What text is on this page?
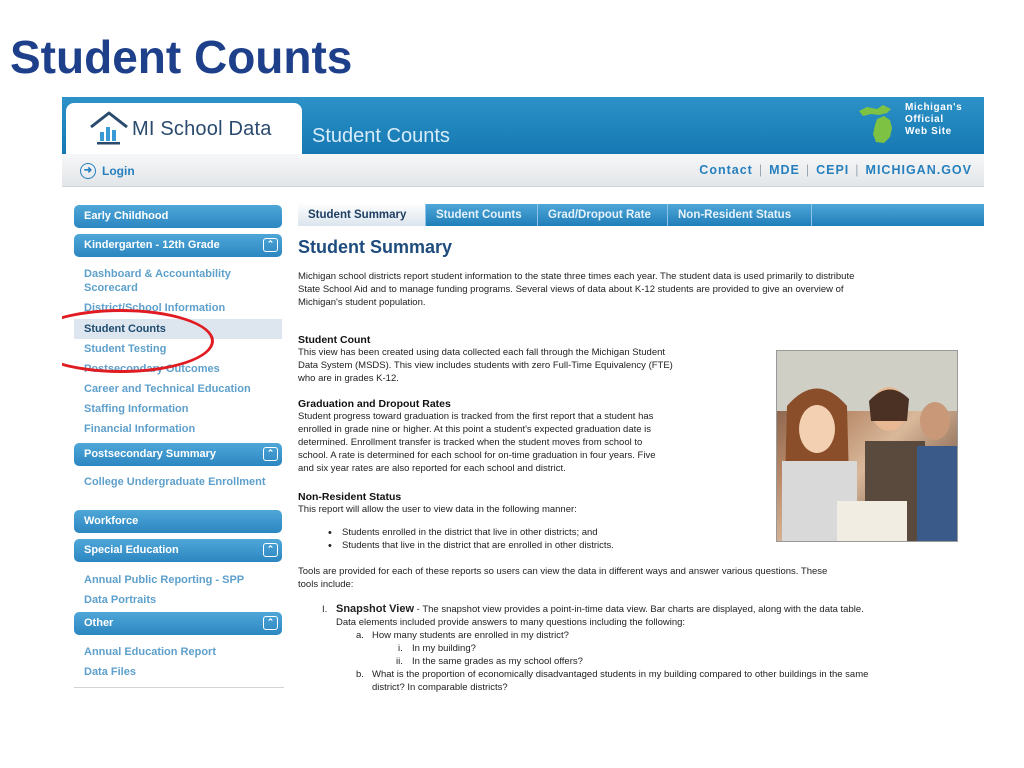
Student Counts
MI School Data Student Counts
Michigan's
Official
Web Site
➜ Login	Contact | MDE | CEPI | MICHIGAN.GOV
Early Childhood
Kindergarten - 12th Grade	⌃
Dashboard & Accountability Scorecard
District/School Information
Student Counts
Student Testing
Postsecondary Outcomes
Career and Technical Education
Staffing Information
Financial Information
Postsecondary Summary	⌃
College Undergraduate Enrollment
Workforce
Special Education	⌃
Annual Public Reporting - SPP
Data Portraits
Other	⌃
Annual Education Report
Data Files
Student Summary	Student Counts	Grad/Dropout Rate	Non-Resident Status
Student Summary
Michigan school districts report student information to the state three times each year. The student data is used primarily to distribute
State School Aid and to manage funding programs. Several views of data about K-12 students are provided to give an overview of
Michigan's student population.
Student Count
This view has been created using data collected each fall through the Michigan Student
Data System (MSDS). This view includes students with zero Full-Time Equivalency (FTE)
who are in grades K-12.
Graduation and Dropout Rates
Student progress toward graduation is tracked from the first report that a student has
enrolled in grade nine or higher. At this point a student's expected graduation date is
determined. Enrollment transfer is tracked when the student moves from school to
school. A rate is determined for each school for on-time graduation in four years. Five
and six year rates are also reported for each school and district.
Non-Resident Status
This report will allow the user to view data in the following manner:
• Students enrolled in the district that live in other districts; and
• Students that live in the district that are enrolled in other districts.
Tools are provided for each of these reports so users can view the data in different ways and answer various questions. These
tools include:
I. Snapshot View - The snapshot view provides a point-in-time data view. Bar charts are displayed, along with the data table.
Data elements included provide answers to many questions including the following:
a. How many students are enrolled in my district?
i. In my building?
ii. In the same grades as my school offers?
b. What is the proportion of economically disadvantaged students in my building compared to other buildings in the same
district? In comparable districts?
